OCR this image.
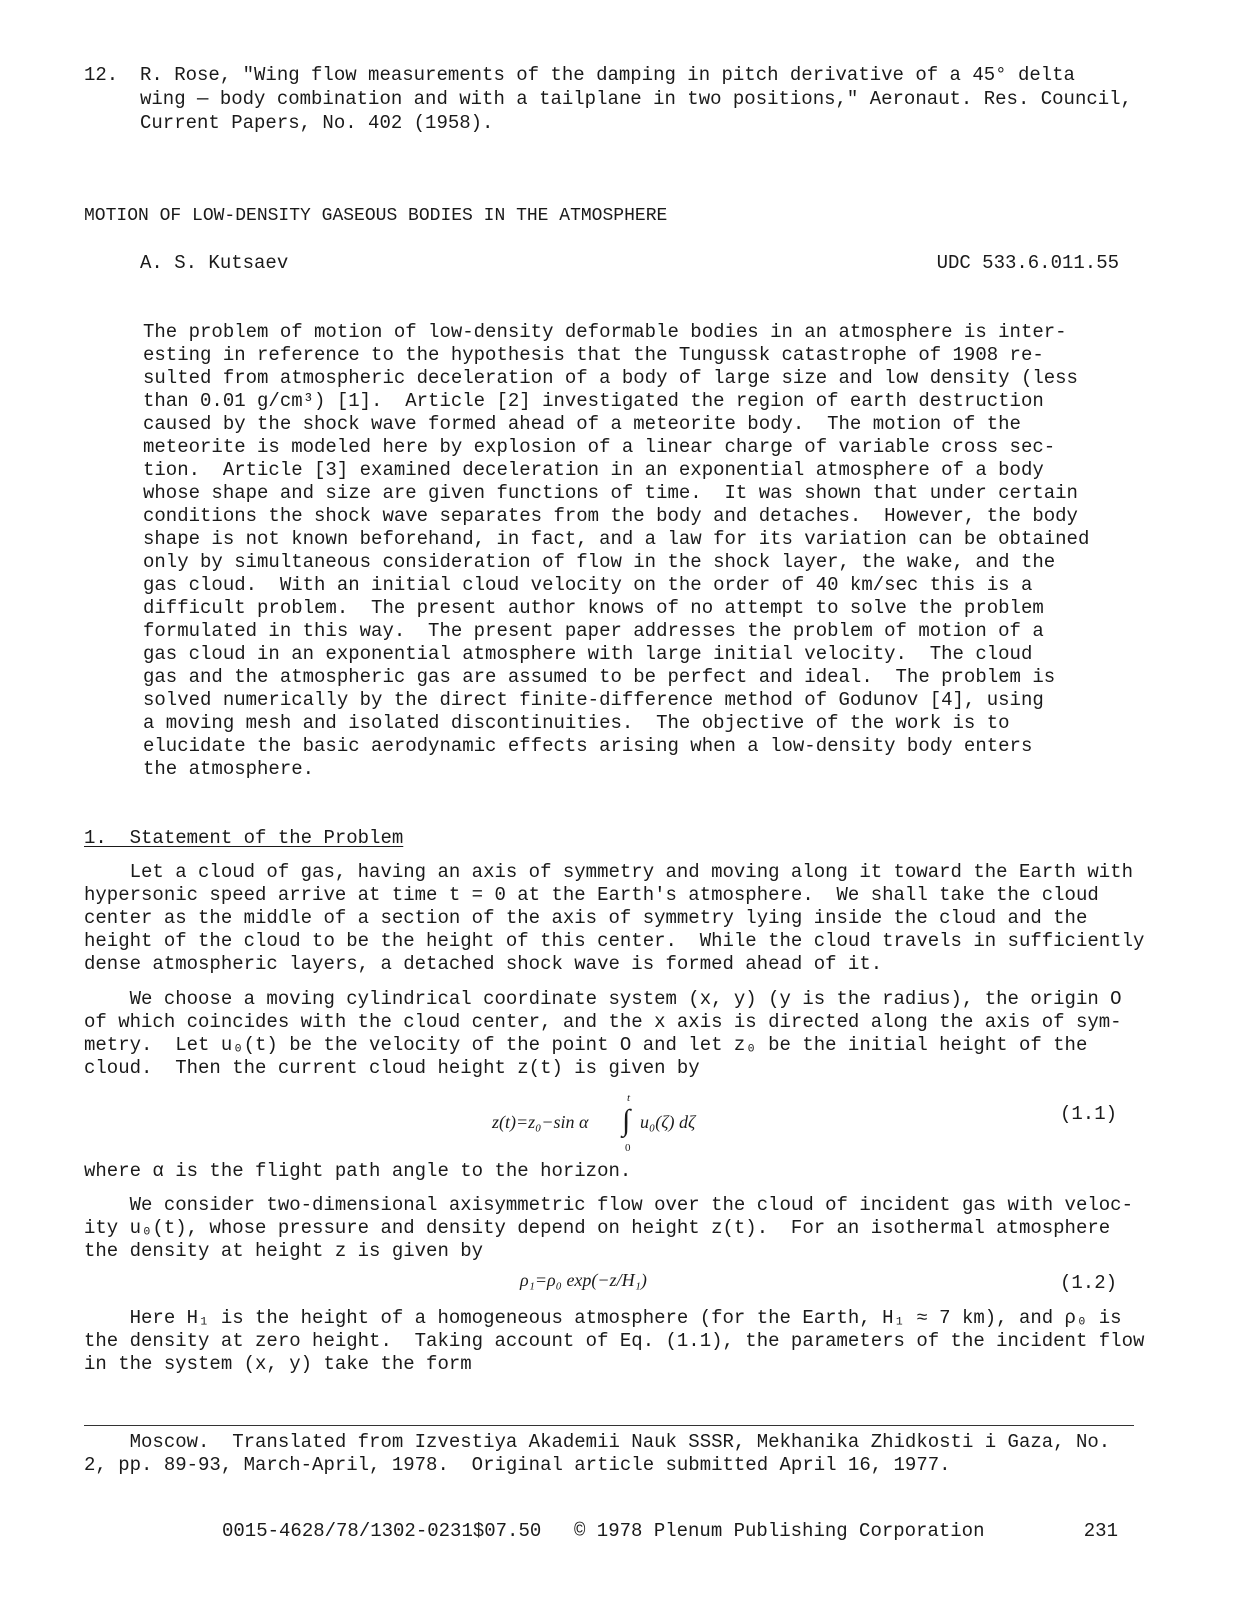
12. R. Rose, "Wing flow measurements of the damping in pitch derivative of a 45° delta
wing — body combination and with a tailplane in two positions," Aeronaut. Res. Council,
Current Papers, No. 402 (1958).
MOTION OF LOW-DENSITY GASEOUS BODIES IN THE ATMOSPHERE
A. S. Kutsaev	UDC 533.6.011.55
The problem of motion of low-density deformable bodies in an atmosphere is inter-
esting in reference to the hypothesis that the Tungussk catastrophe of 1908 re-
sulted from atmospheric deceleration of a body of large size and low density (less
than 0.01 g/cm³) [1].  Article [2] investigated the region of earth destruction
caused by the shock wave formed ahead of a meteorite body.  The motion of the
meteorite is modeled here by explosion of a linear charge of variable cross sec-
tion.  Article [3] examined deceleration in an exponential atmosphere of a body
whose shape and size are given functions of time.  It was shown that under certain
conditions the shock wave separates from the body and detaches.  However, the body
shape is not known beforehand, in fact, and a law for its variation can be obtained
only by simultaneous consideration of flow in the shock layer, the wake, and the
gas cloud.  With an initial cloud velocity on the order of 40 km/sec this is a
difficult problem.  The present author knows of no attempt to solve the problem
formulated in this way.  The present paper addresses the problem of motion of a
gas cloud in an exponential atmosphere with large initial velocity.  The cloud
gas and the atmospheric gas are assumed to be perfect and ideal.  The problem is
solved numerically by the direct finite-difference method of Godunov [4], using
a moving mesh and isolated discontinuities.  The objective of the work is to
elucidate the basic aerodynamic effects arising when a low-density body enters
the atmosphere.
1.  Statement of the Problem
Let a cloud of gas, having an axis of symmetry and moving along it toward the Earth with
hypersonic speed arrive at time t = 0 at the Earth's atmosphere.  We shall take the cloud
center as the middle of a section of the axis of symmetry lying inside the cloud and the
height of the cloud to be the height of this center.  While the cloud travels in sufficiently
dense atmospheric layers, a detached shock wave is formed ahead of it.
We choose a moving cylindrical coordinate system (x, y) (y is the radius), the origin O
of which coincides with the cloud center, and the x axis is directed along the axis of sym-
metry.  Let u₀(t) be the velocity of the point O and let z₀ be the initial height of the
cloud.  Then the current cloud height z(t) is given by
z(t)=z₀−sin α ∫
t
0
u₀(ζ) dζ	(1.1)
where α is the flight path angle to the horizon.
We consider two-dimensional axisymmetric flow over the cloud of incident gas with veloc-
ity u₀(t), whose pressure and density depend on height z(t).  For an isothermal atmosphere
the density at height z is given by
ρ₁=ρ₀ exp(−z/H₁)	(1.2)
Here H₁ is the height of a homogeneous atmosphere (for the Earth, H₁ ≈ 7 km), and ρ₀ is
the density at zero height.  Taking account of Eq. (1.1), the parameters of the incident flow
in the system (x, y) take the form
Moscow.  Translated from Izvestiya Akademii Nauk SSSR, Mekhanika Zhidkosti i Gaza, No.
2, pp. 89-93, March-April, 1978.  Original article submitted April 16, 1977.
0015-4628/78/1302-0231$07.50 © 1978 Plenum Publishing Corporation	231
